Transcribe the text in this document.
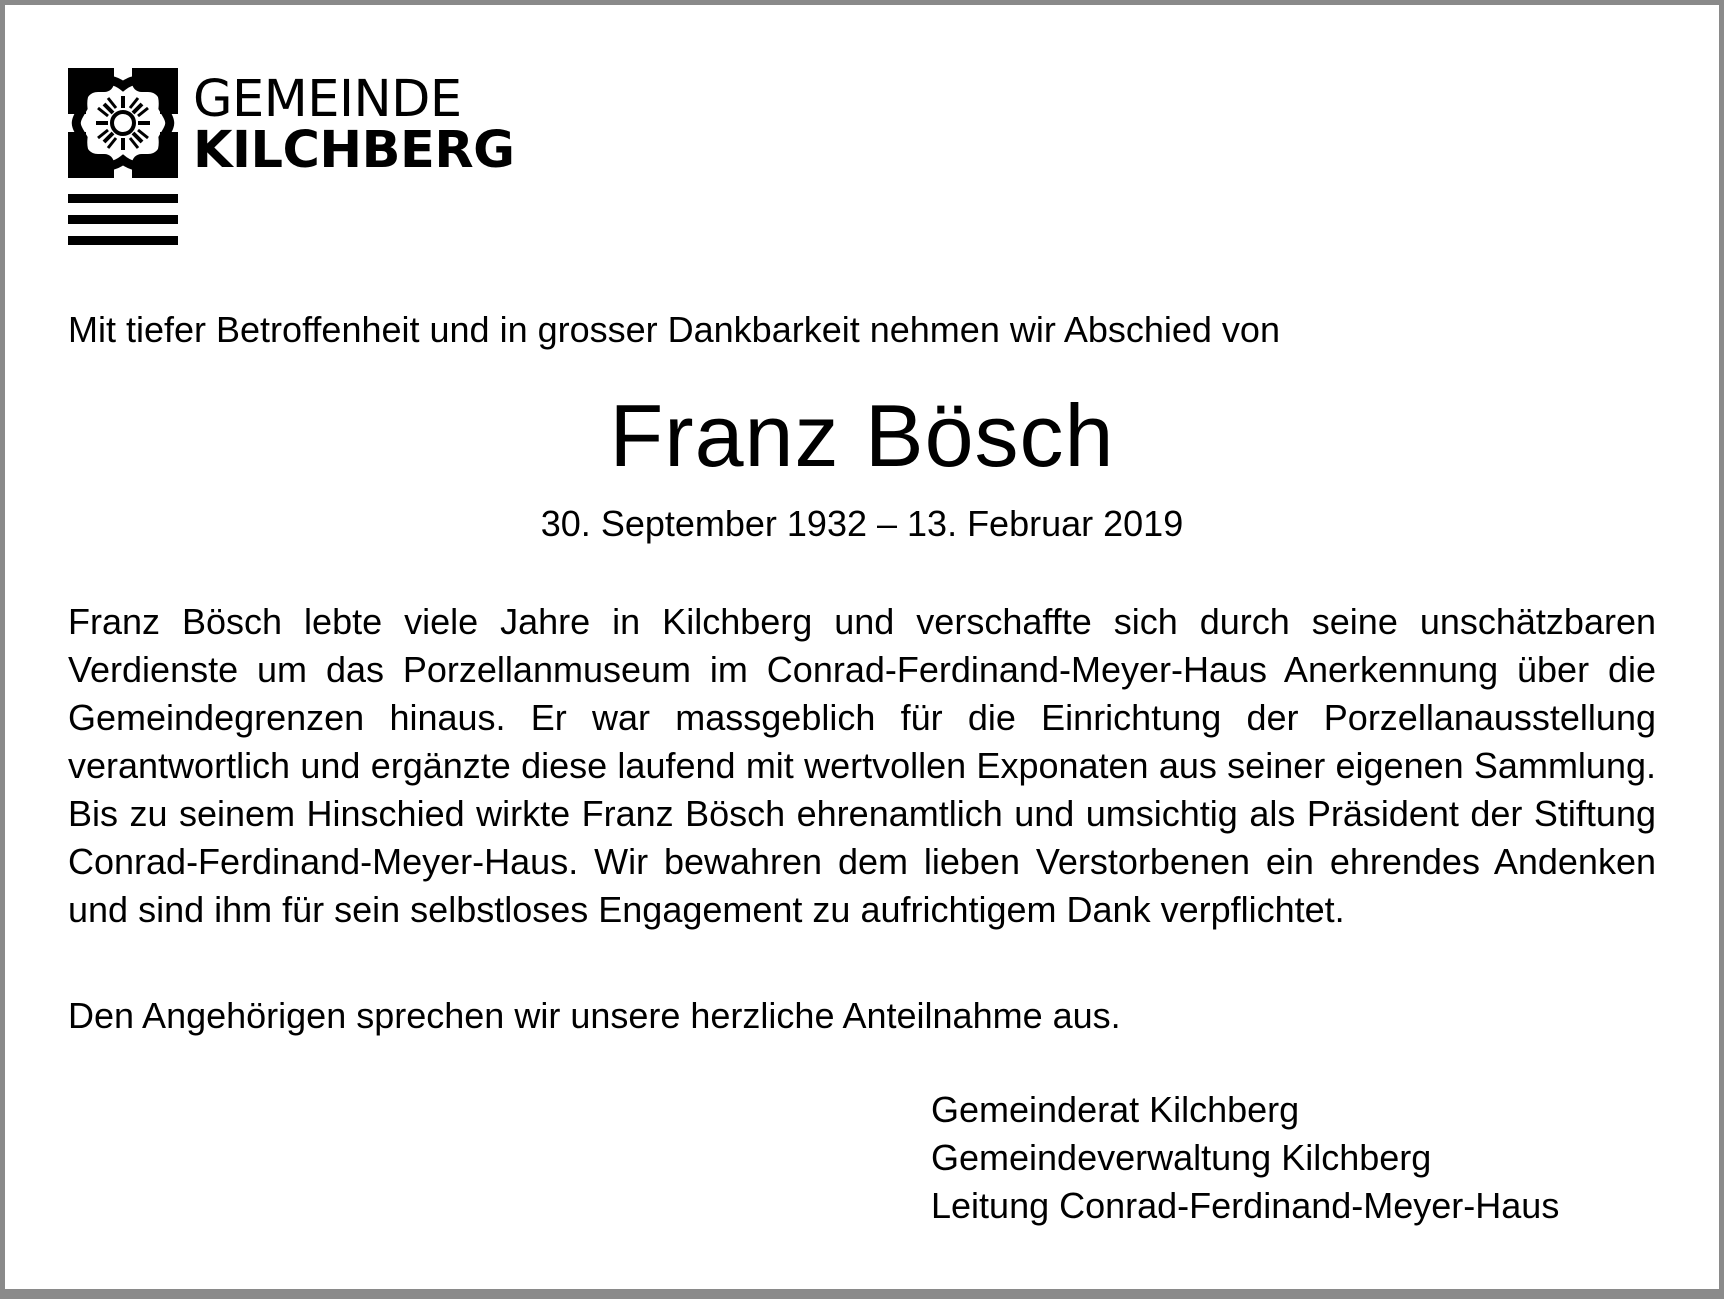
GEMEINDE
KILCHBERG
Mit tiefer Betroffenheit und in grosser Dankbarkeit nehmen wir Abschied von
Franz Bösch
30. September 1932 – 13. Februar 2019

Franz Bösch lebte viele Jahre in Kilchberg und verschaffte sich durch seine unschätzbaren Verdienste um das Porzellanmuseum im Conrad-Ferdinand-Meyer-Haus Anerkennung über die Gemeindegrenzen hinaus. Er war massgeblich für die Einrichtung der Porzellanausstellung verantwortlich und ergänzte diese laufend mit wertvollen Exponaten aus seiner eigenen Sammlung. Bis zu seinem Hinschied wirkte Franz Bösch ehrenamtlich und umsichtig als Präsident der Stiftung Conrad-Ferdinand-Meyer-Haus. Wir bewahren dem lieben Verstorbenen ein ehrendes Andenken und sind ihm für sein selbstloses Engagement zu aufrichtigem Dank verpflichtet.

Den Angehörigen sprechen wir unsere herzliche Anteilnahme aus.
Gemeinderat Kilchberg
Gemeindeverwaltung Kilchberg
Leitung Conrad-Ferdinand-Meyer-Haus
